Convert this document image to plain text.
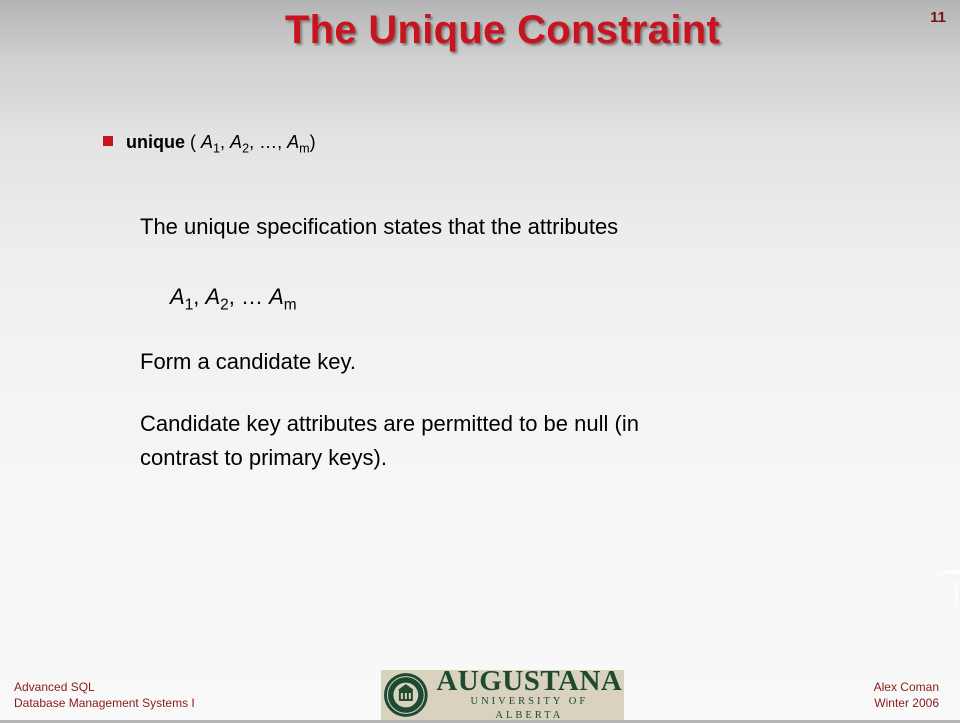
The Unique Constraint	11
unique ( $A_1$, $A_2$, …, $A_m$)
The unique specification states that the attributes
$A_1$, $A_2$, … $A_m$
Form a candidate key.
Candidate key attributes are permitted to be null (in
contrast to primary keys).
Advanced SQL
Database Management Systems I
AUGUSTANA
UNIVERSITY OF ALBERTA
Alex Coman
Winter 2006
